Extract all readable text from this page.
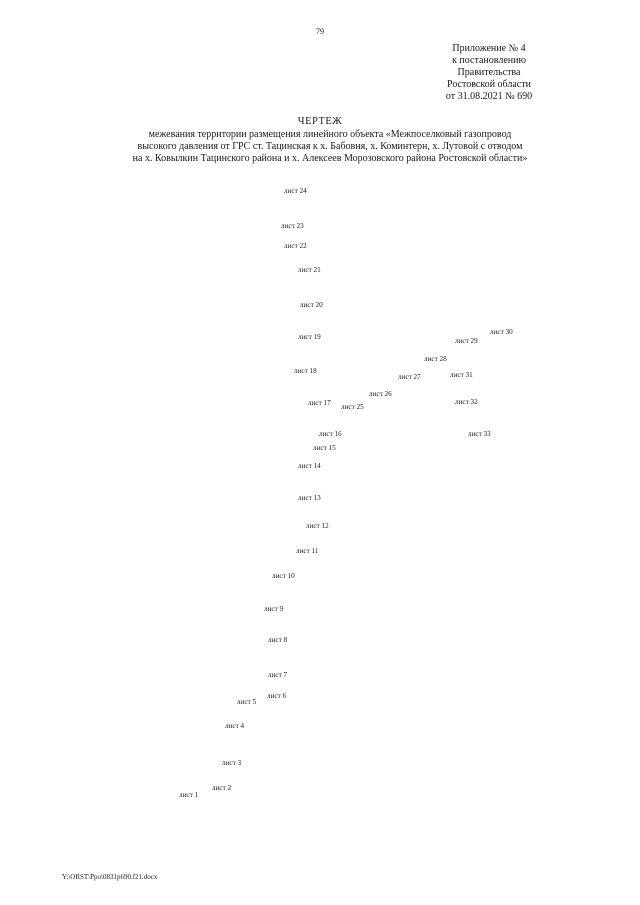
79
Приложение № 4
к постановлению
Правительства
Ростовской области
от 31.08.2021 № 690
ЧЕРТЕЖ
межевания территории размещения линейного объекта «Межпоселковый газопровод
высокого давления от ГРС ст. Тацинская к х. Бабовня, х. Коминтерн, х. Лутовой с отводом
на х. Ковылкин Тацинского района и х. Алексеев Морозовского района Ростовской области»
лист 1
лист 2
лист 3
лист 4
лист 5
лист 6
лист 7
лист 8
лист 9
лист 10
лист 11
лист 12
лист 13
лист 14
лист 15
лист 16
лист 17
лист 18
лист 19
лист 20
лист 21
лист 22
лист 23
лист 24
лист 25
лист 26
лист 27
лист 28
лист 29
лист 30
лист 31
лист 32
лист 33
Y:\ORST\Ppo\0831p690.f21.docx
